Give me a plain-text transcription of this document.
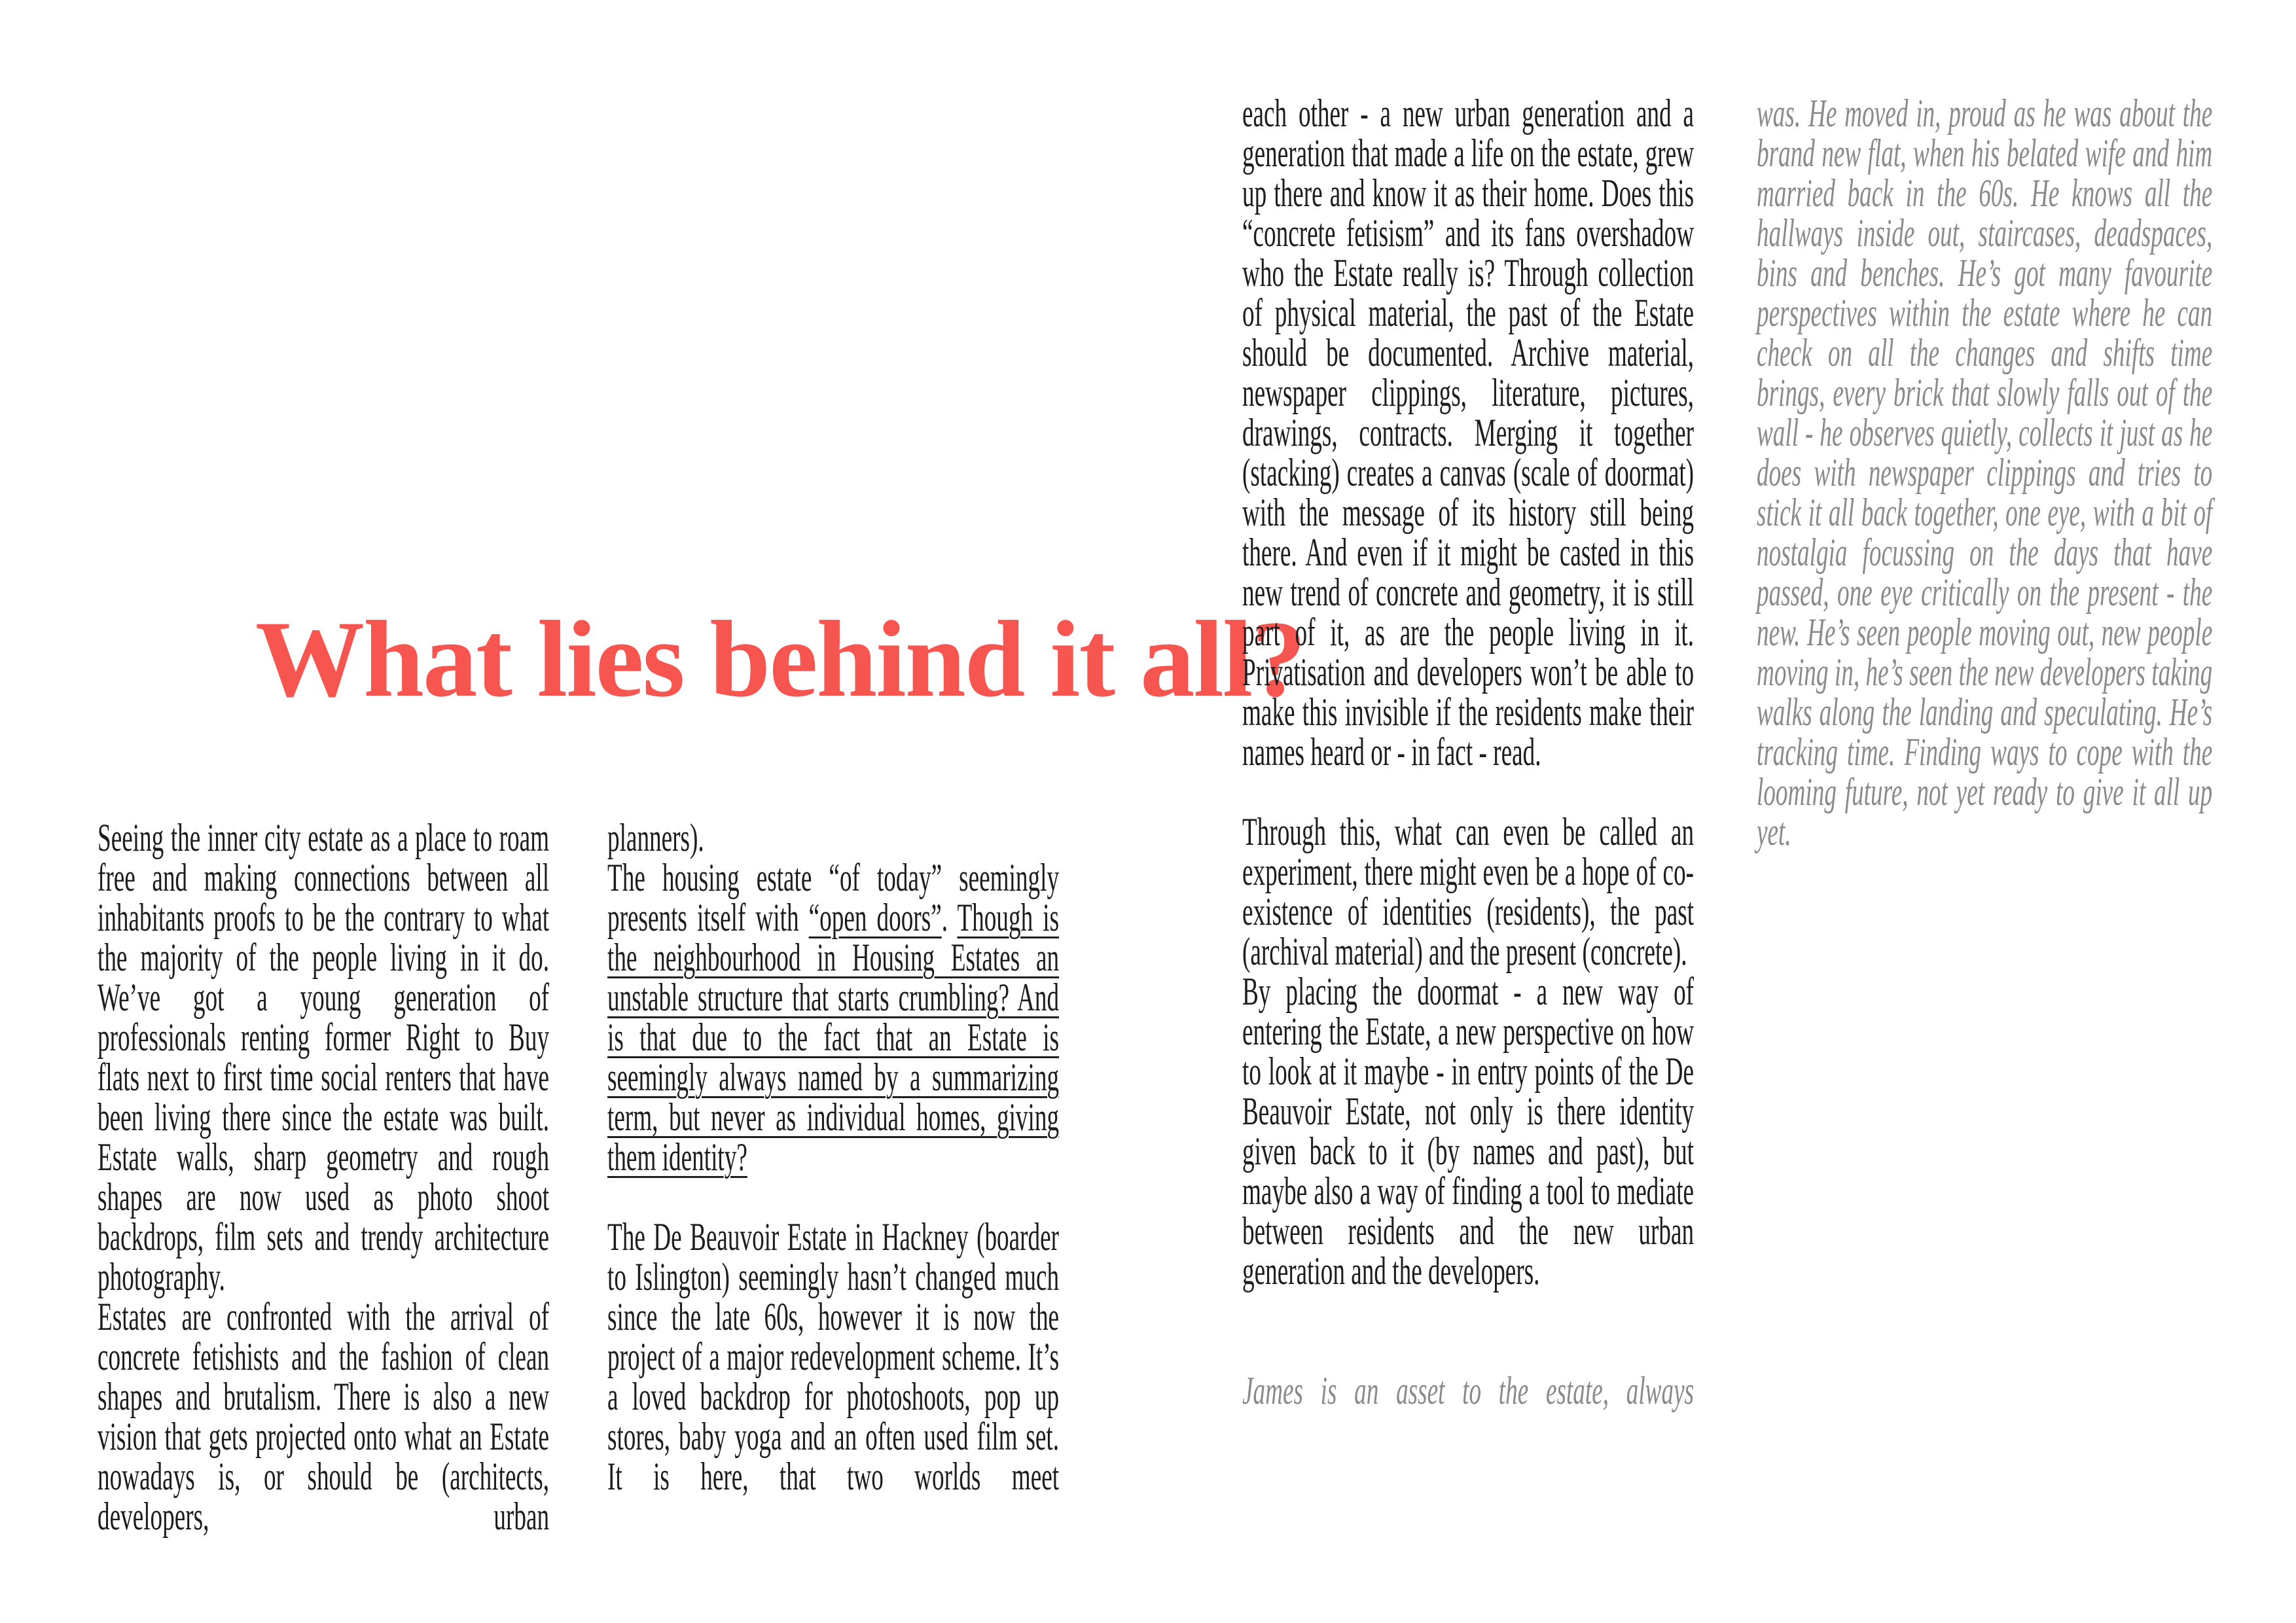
What lies behind it all?

Seeing the inner city estate as a place to roam free and making connections between all inhabitants proofs to be the contrary to what the majority of the people living in it do. We’ve got a young generation of professionals renting former Right to Buy flats next to first time social renters that have been living there since the estate was built. Estate walls, sharp geometry and rough shapes are now used as photo shoot backdrops, film sets and trendy architecture photography.

Estates are confronted with the arrival of concrete fetishists and the fashion of clean shapes and brutalism. There is also a new vision that gets projected onto what an Estate nowadays is, or should be (architects, developers, urban

planners).

The housing estate “of today” seemingly presents itself with “open doors”. Though is the neighbourhood in Housing Estates an unstable structure that starts crumbling? And is that due to the fact that an Estate is seemingly always named by a summarizing term, but never as individual homes, giving them identity?

The De Beauvoir Estate in Hackney (boarder to Islington) seemingly hasn’t changed much since the late 60s, however it is now the project of a major redevelopment scheme. It’s a loved backdrop for photoshoots, pop up stores, baby yoga and an often used film set. It is here, that two worlds meet

each other - a new urban generation and a generation that made a life on the estate, grew up there and know it as their home. Does this “concrete fetisism” and its fans overshadow who the Estate really is? Through collection of physical material, the past of the Estate should be documented. Archive material, newspaper clippings, literature, pictures, drawings, contracts. Merging it together (stacking) creates a canvas (scale of doormat) with the message of its history still being there. And even if it might be casted in this new trend of concrete and geometry, it is still part of it, as are the people living in it. Privatisation and developers won’t be able to make this invisible if the residents make their names heard or - in fact - read.

Through this, what can even be called an experiment, there might even be a hope of co-existence of identities (residents), the past (archival material) and the present (concrete).

By placing the doormat - a new way of entering the Estate, a new perspective on how to look at it maybe - in entry points of the De Beauvoir Estate, not only is there identity given back to it (by names and past), but maybe also a way of finding a tool to mediate between residents and the new urban generation and the developers.

James is an asset to the estate, always

was. He moved in, proud as he was about the brand new flat, when his belated wife and him married back in the 60s. He knows all the hallways inside out, staircases, deadspaces, bins and benches. He’s got many favourite perspectives within the estate where he can check on all the changes and shifts time brings, every brick that slowly falls out of the wall - he observes quietly, collects it just as he does with newspaper clippings and tries to stick it all back together, one eye, with a bit of nostalgia focussing on the days that have passed, one eye critically on the present - the new. He’s seen people moving out, new people moving in, he’s seen the new developers taking walks along the landing and speculating. He’s tracking time. Finding ways to cope with the looming future, not yet ready to give it all up yet.
